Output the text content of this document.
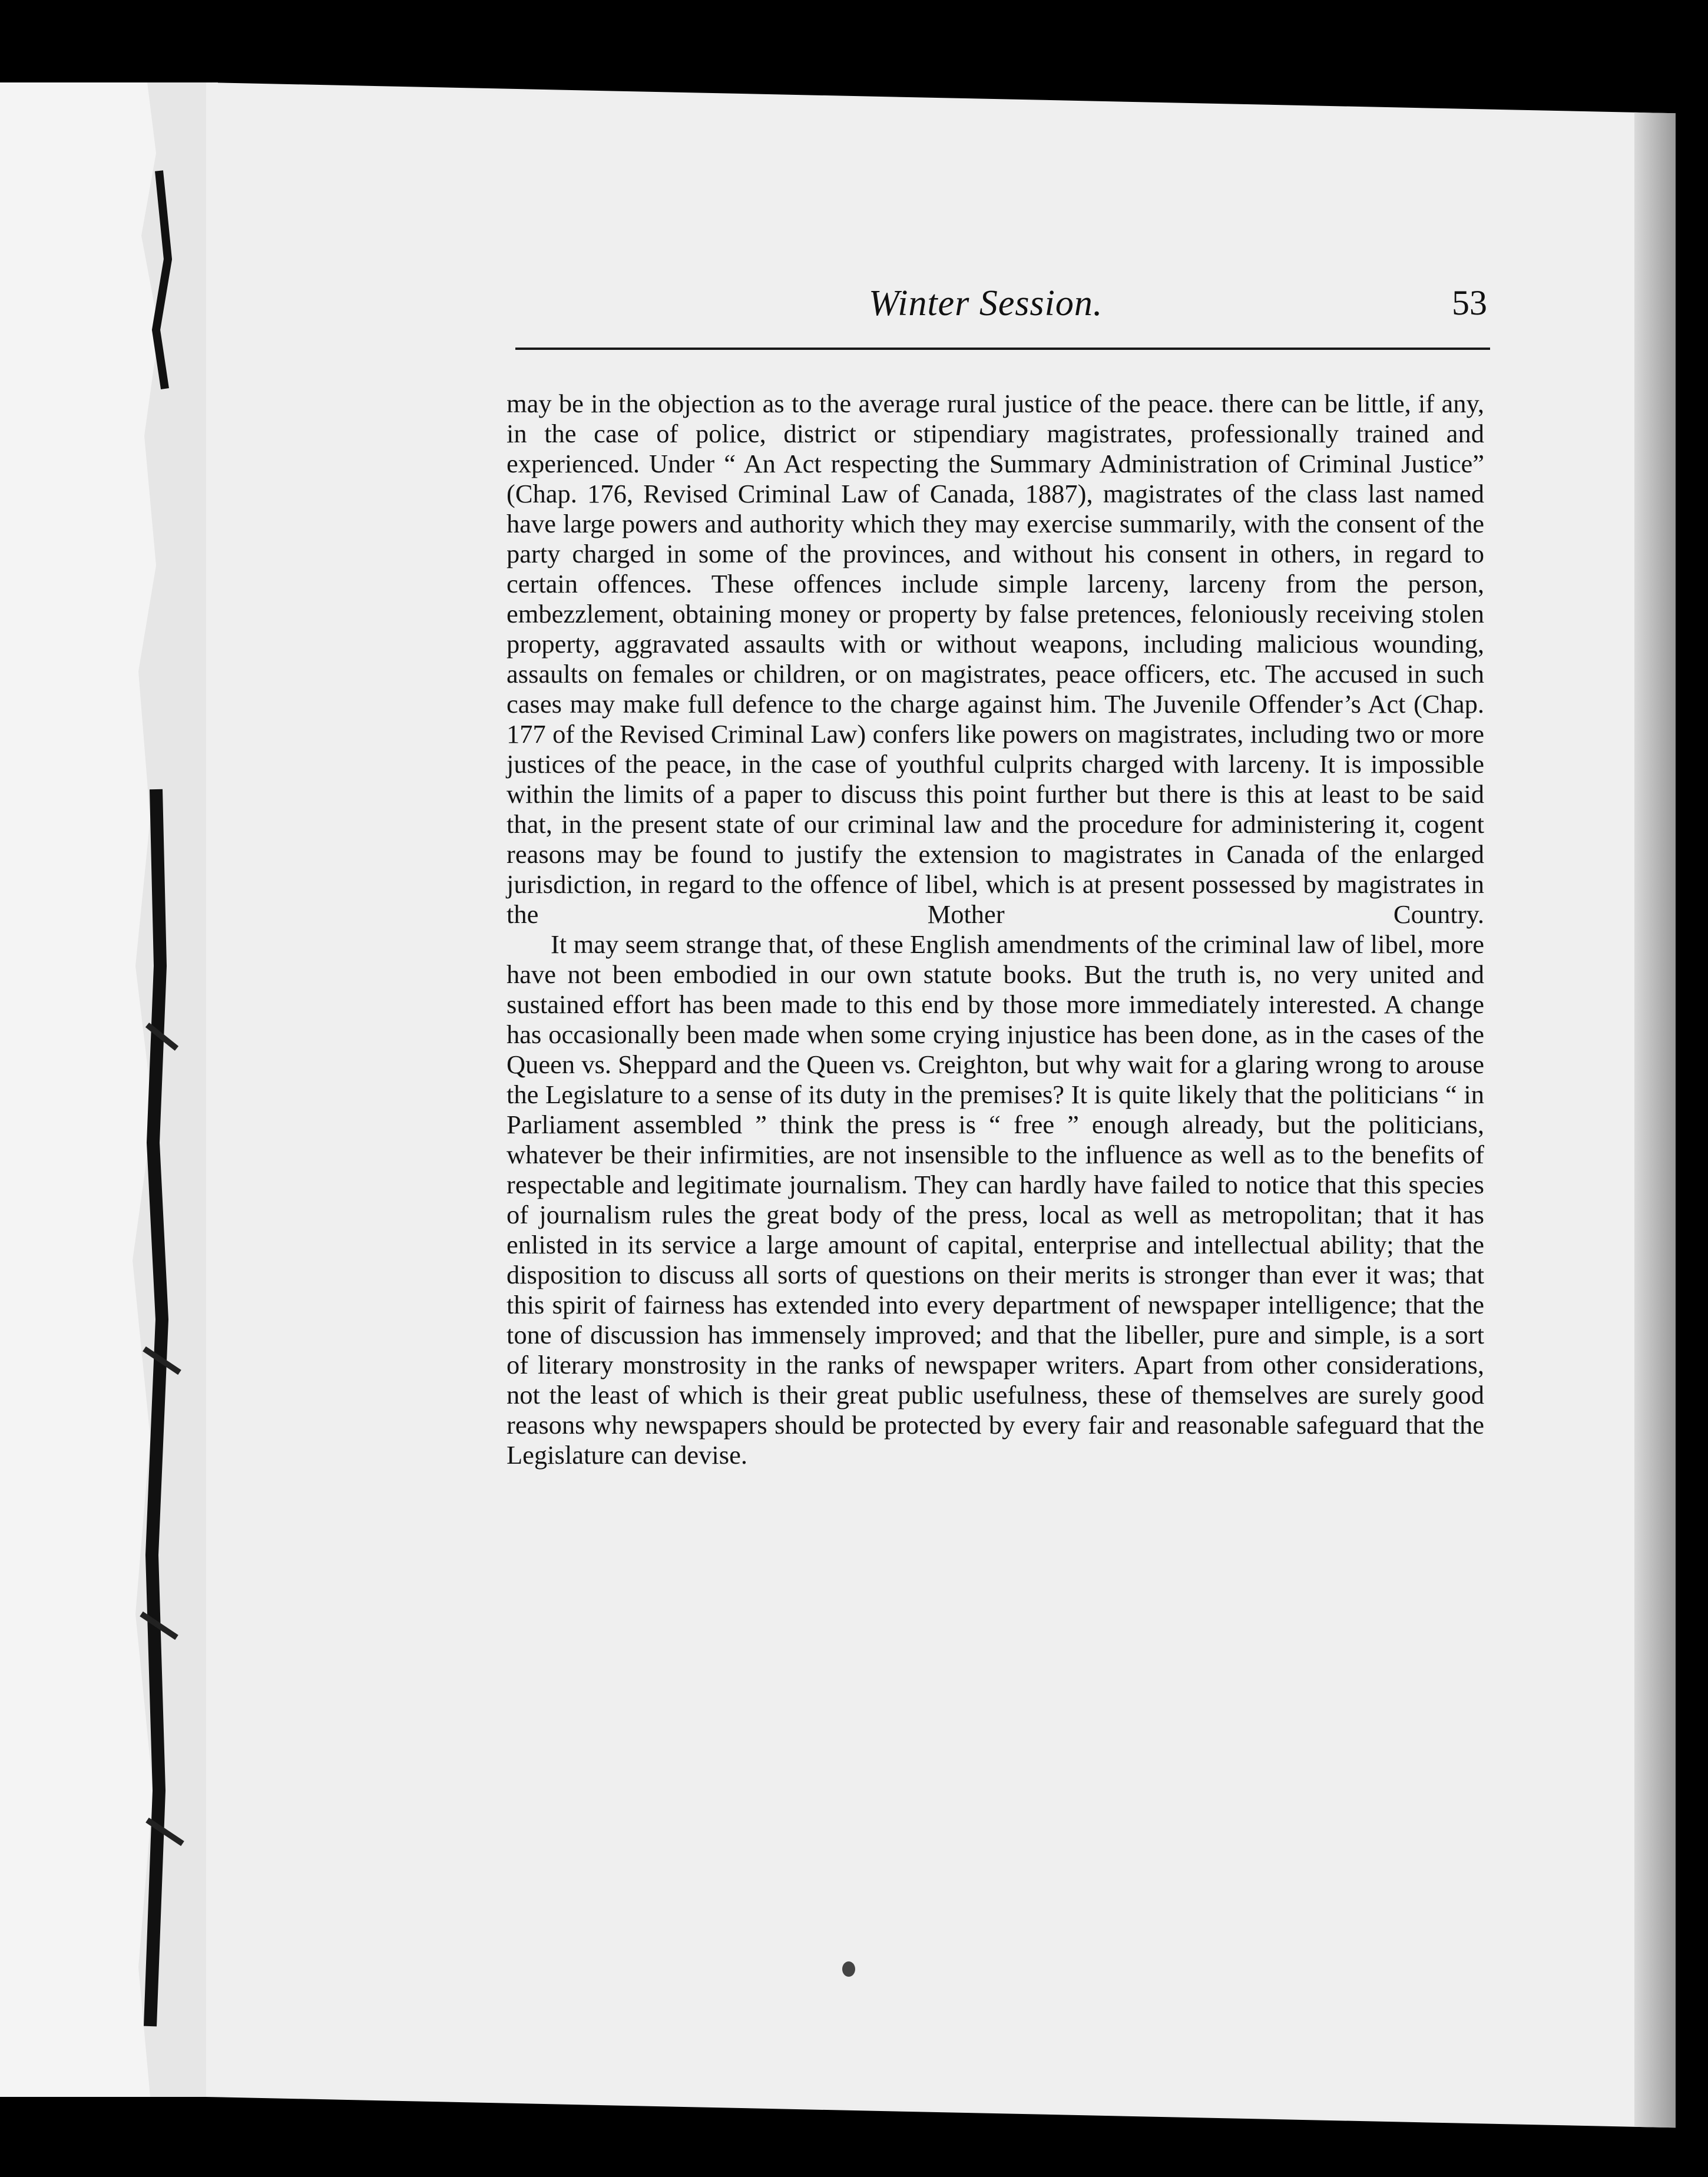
Winter Session.	53

may be in the objection as to the average rural justice of the peace. there can be little, if any, in the case of police, district or stipendiary magistrates, professionally trained and experienced. Under “ An Act respecting the Summary Administration of Criminal Justice” (Chap. 176, Revised Criminal Law of Canada, 1887), magistrates of the class last named have large powers and authority which they may exercise summarily, with the consent of the party charged in some of the provinces, and without his consent in others, in regard to certain offences. These offences include simple larceny, larceny from the person, embezzlement, obtaining money or property by false pretences, feloniously receiving stolen property, aggravated assaults with or without weapons, including malicious wounding, assaults on females or children, or on magistrates, peace officers, etc. The accused in such cases may make full defence to the charge against him. The Juvenile Offender’s Act (Chap. 177 of the Revised Criminal Law) confers like powers on magistrates, including two or more justices of the peace, in the case of youthful culprits charged with larceny. It is impossible within the limits of a paper to discuss this point further but there is this at least to be said that, in the present state of our criminal law and the procedure for administering it, cogent reasons may be found to justify the extension to magistrates in Canada of the enlarged jurisdiction, in regard to the offence of libel, which is at present possessed by magistrates in the Mother Country.

It may seem strange that, of these English amendments of the criminal law of libel, more have not been embodied in our own statute books. But the truth is, no very united and sustained effort has been made to this end by those more immediately interested. A change has occasionally been made when some crying injustice has been done, as in the cases of the Queen vs. Sheppard and the Queen vs. Creighton, but why wait for a glaring wrong to arouse the Legislature to a sense of its duty in the premises? It is quite likely that the politicians “ in Parliament assembled ” think the press is “ free ” enough already, but the politicians, whatever be their infirmities, are not insensible to the influence as well as to the benefits of respectable and legitimate journalism. They can hardly have failed to notice that this species of journalism rules the great body of the press, local as well as metropolitan; that it has enlisted in its service a large amount of capital, enterprise and intellectual ability; that the disposition to discuss all sorts of questions on their merits is stronger than ever it was; that this spirit of fairness has extended into every department of newspaper intelligence; that the tone of discussion has immensely improved; and that the libeller, pure and simple, is a sort of literary monstrosity in the ranks of newspaper writers. Apart from other considerations, not the least of which is their great public usefulness, these of themselves are surely good reasons why newspapers should be protected by every fair and reasonable safeguard that the Legislature can devise.
